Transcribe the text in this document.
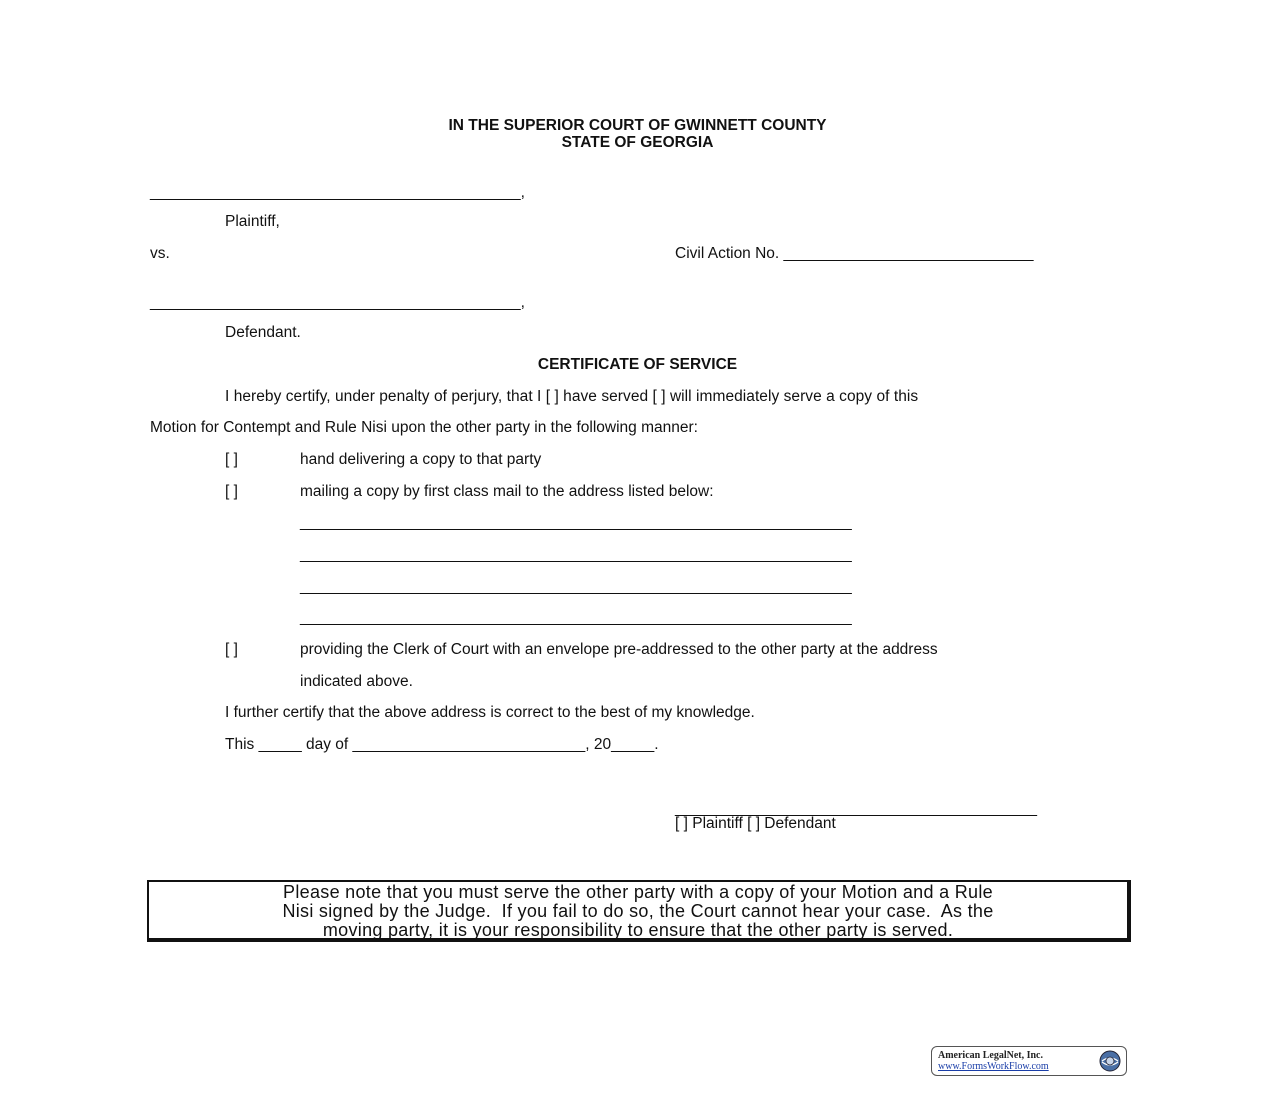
IN THE SUPERIOR COURT OF GWINNETT COUNTY
STATE OF GEORGIA
___________________________________________,
Plaintiff,
vs.	Civil Action No. _____________________________
___________________________________________,
Defendant.
CERTIFICATE OF SERVICE
I hereby certify, under penalty of perjury, that I [ ] have served [ ] will immediately serve a copy of this
Motion for Contempt and Rule Nisi upon the other party in the following manner:
[ ]	hand delivering a copy to that party
[ ]	mailing a copy by first class mail to the address listed below:
________________________________________________________________
________________________________________________________________
________________________________________________________________
________________________________________________________________
[ ]	providing the Clerk of Court with an envelope pre-addressed to the other party at the address
indicated above.
I further certify that the above address is correct to the best of my knowledge.
This _____ day of ___________________________, 20_____.
__________________________________________
[ ] Plaintiff [ ] Defendant
Please note that you must serve the other party with a copy of your Motion and a Rule
Nisi signed by the Judge.  If you fail to do so, the Court cannot hear your case.  As the
moving party, it is your responsibility to ensure that the other party is served.
American LegalNet, Inc.
www.FormsWorkFlow.com
